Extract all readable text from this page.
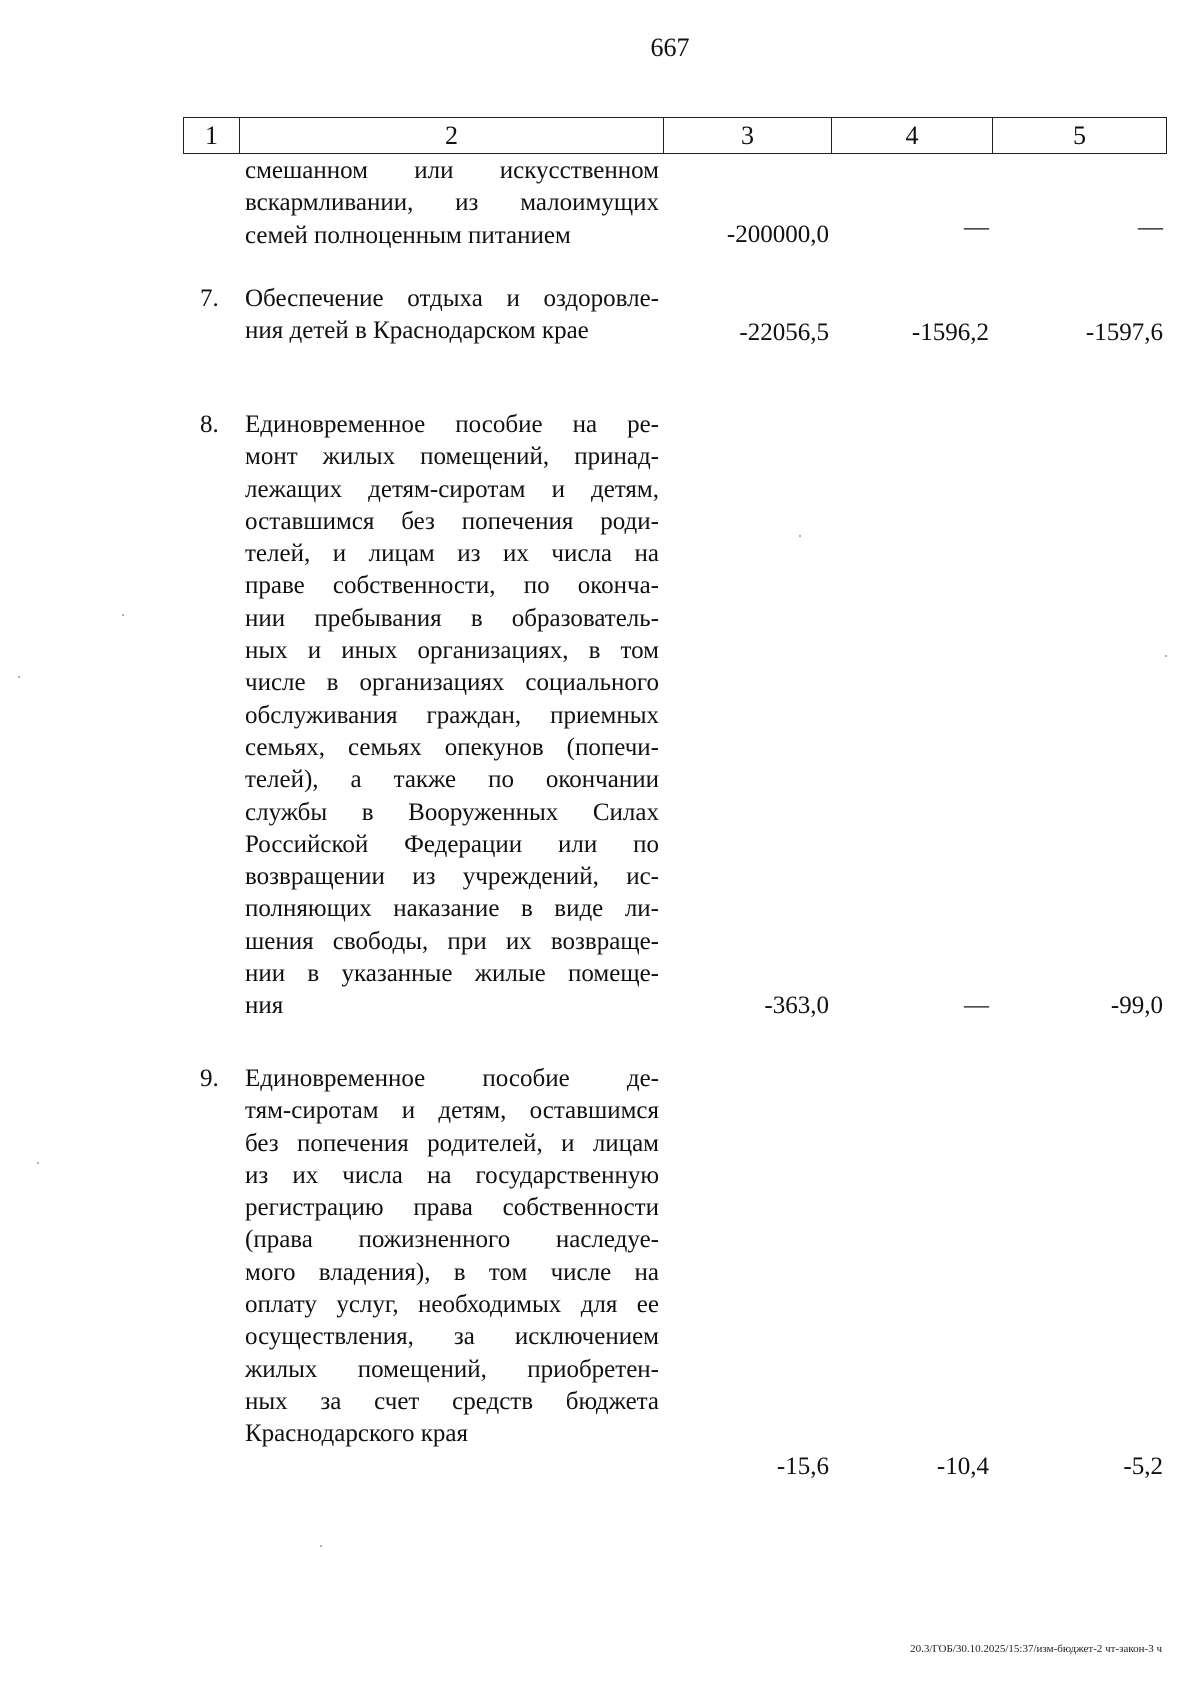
667
1	2	3	4	5
смешанном или искусственном
вскармливании, из малоимущих
семей полноценным питанием	-200000,0	—	—
7.	Обеспечение отдыха и оздоровле-
ния детей в Краснодарском крае	-22056,5	-1596,2	-1597,6
8.	Единовременное пособие на ре-
монт жилых помещений, принад-
лежащих детям-сиротам и детям,
оставшимся без попечения роди-
телей, и лицам из их числа на
праве собственности, по оконча-
нии пребывания в образователь-
ных и иных организациях, в том
числе в организациях социального
обслуживания граждан, приемных
семьях, семьях опекунов (попечи-
телей), а также по окончании
службы в Вооруженных Силах
Российской Федерации или по
возвращении из учреждений, ис-
полняющих наказание в виде ли-
шения свободы, при их возвраще-
нии в указанные жилые помеще-
ния	-363,0	—	-99,0
9.	Единовременное пособие де-
тям-сиротам и детям, оставшимся
без попечения родителей, и лицам
из их числа на государственную
регистрацию права собственности
(права пожизненного наследуе-
мого владения), в том числе на
оплату услуг, необходимых для ее
осуществления, за исключением
жилых помещений, приобретен-
ных за счет средств бюджета
Краснодарского края
-15,6	-10,4	-5,2
20.3/ГОБ/30.10.2025/15:37/изм-бюджет-2 чт-закон-3 ч
